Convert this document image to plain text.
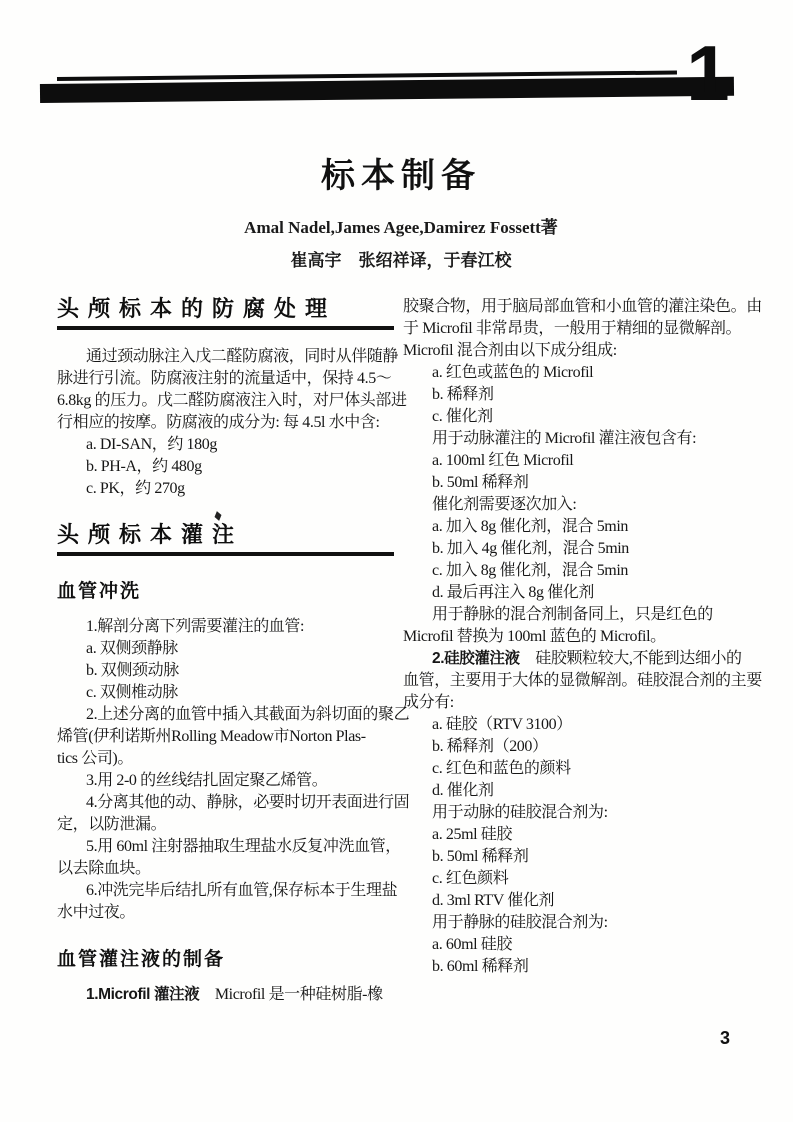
1
标本制备
Amal Nadel,James Agee,Damirez Fossett著
崔高宇　张绍祥译，于春江校
头颅标本的防腐处理
通过颈动脉注入戊二醛防腐液，同时从伴随静
脉进行引流。防腐液注射的流量适中，保持 4.5～
6.8kg 的压力。戊二醛防腐液注入时，对尸体头部进
行相应的按摩。防腐液的成分为: 每 4.5l 水中含:
a. DI-SAN，约 180g
b. PH-A，约 480g
c. PK，约 270g
头颅标本灌注
血管冲洗
1.解剖分离下列需要灌注的血管:
a. 双侧颈静脉
b. 双侧颈动脉
c. 双侧椎动脉
2.上述分离的血管中插入其截面为斜切面的聚乙
烯管(伊利诺斯州Rolling Meadow市Norton Plas-
tics 公司)。
3.用 2-0 的丝线结扎固定聚乙烯管。
4.分离其他的动、静脉，必要时切开表面进行固
定，以防泄漏。
5.用 60ml 注射器抽取生理盐水反复冲洗血管，
以去除血块。
6.冲洗完毕后结扎所有血管,保存标本于生理盐
水中过夜。
血管灌注液的制备
1.Microfil 灌注液　Microfil 是一种硅树脂-橡
胶聚合物，用于脑局部血管和小血管的灌注染色。由
于 Microfil 非常昂贵，一般用于精细的显微解剖。
Microfil 混合剂由以下成分组成:
a. 红色或蓝色的 Microfil
b. 稀释剂
c. 催化剂
用于动脉灌注的 Microfil 灌注液包含有:
a. 100ml 红色 Microfil
b. 50ml 稀释剂
催化剂需要逐次加入:
a. 加入 8g 催化剂，混合 5min
b. 加入 4g 催化剂，混合 5min
c. 加入 8g 催化剂，混合 5min
d. 最后再注入 8g 催化剂
用于静脉的混合剂制备同上，只是红色的
Microfil 替换为 100ml 蓝色的 Microfil。
2.硅胶灌注液　硅胶颗粒较大,不能到达细小的
血管，主要用于大体的显微解剖。硅胶混合剂的主要
成分有:
a. 硅胶（RTV 3100）
b. 稀释剂（200）
c. 红色和蓝色的颜料
d. 催化剂
用于动脉的硅胶混合剂为:
a. 25ml 硅胶
b. 50ml 稀释剂
c. 红色颜料
d. 3ml RTV 催化剂
用于静脉的硅胶混合剂为:
a. 60ml 硅胶
b. 60ml 稀释剂
3
